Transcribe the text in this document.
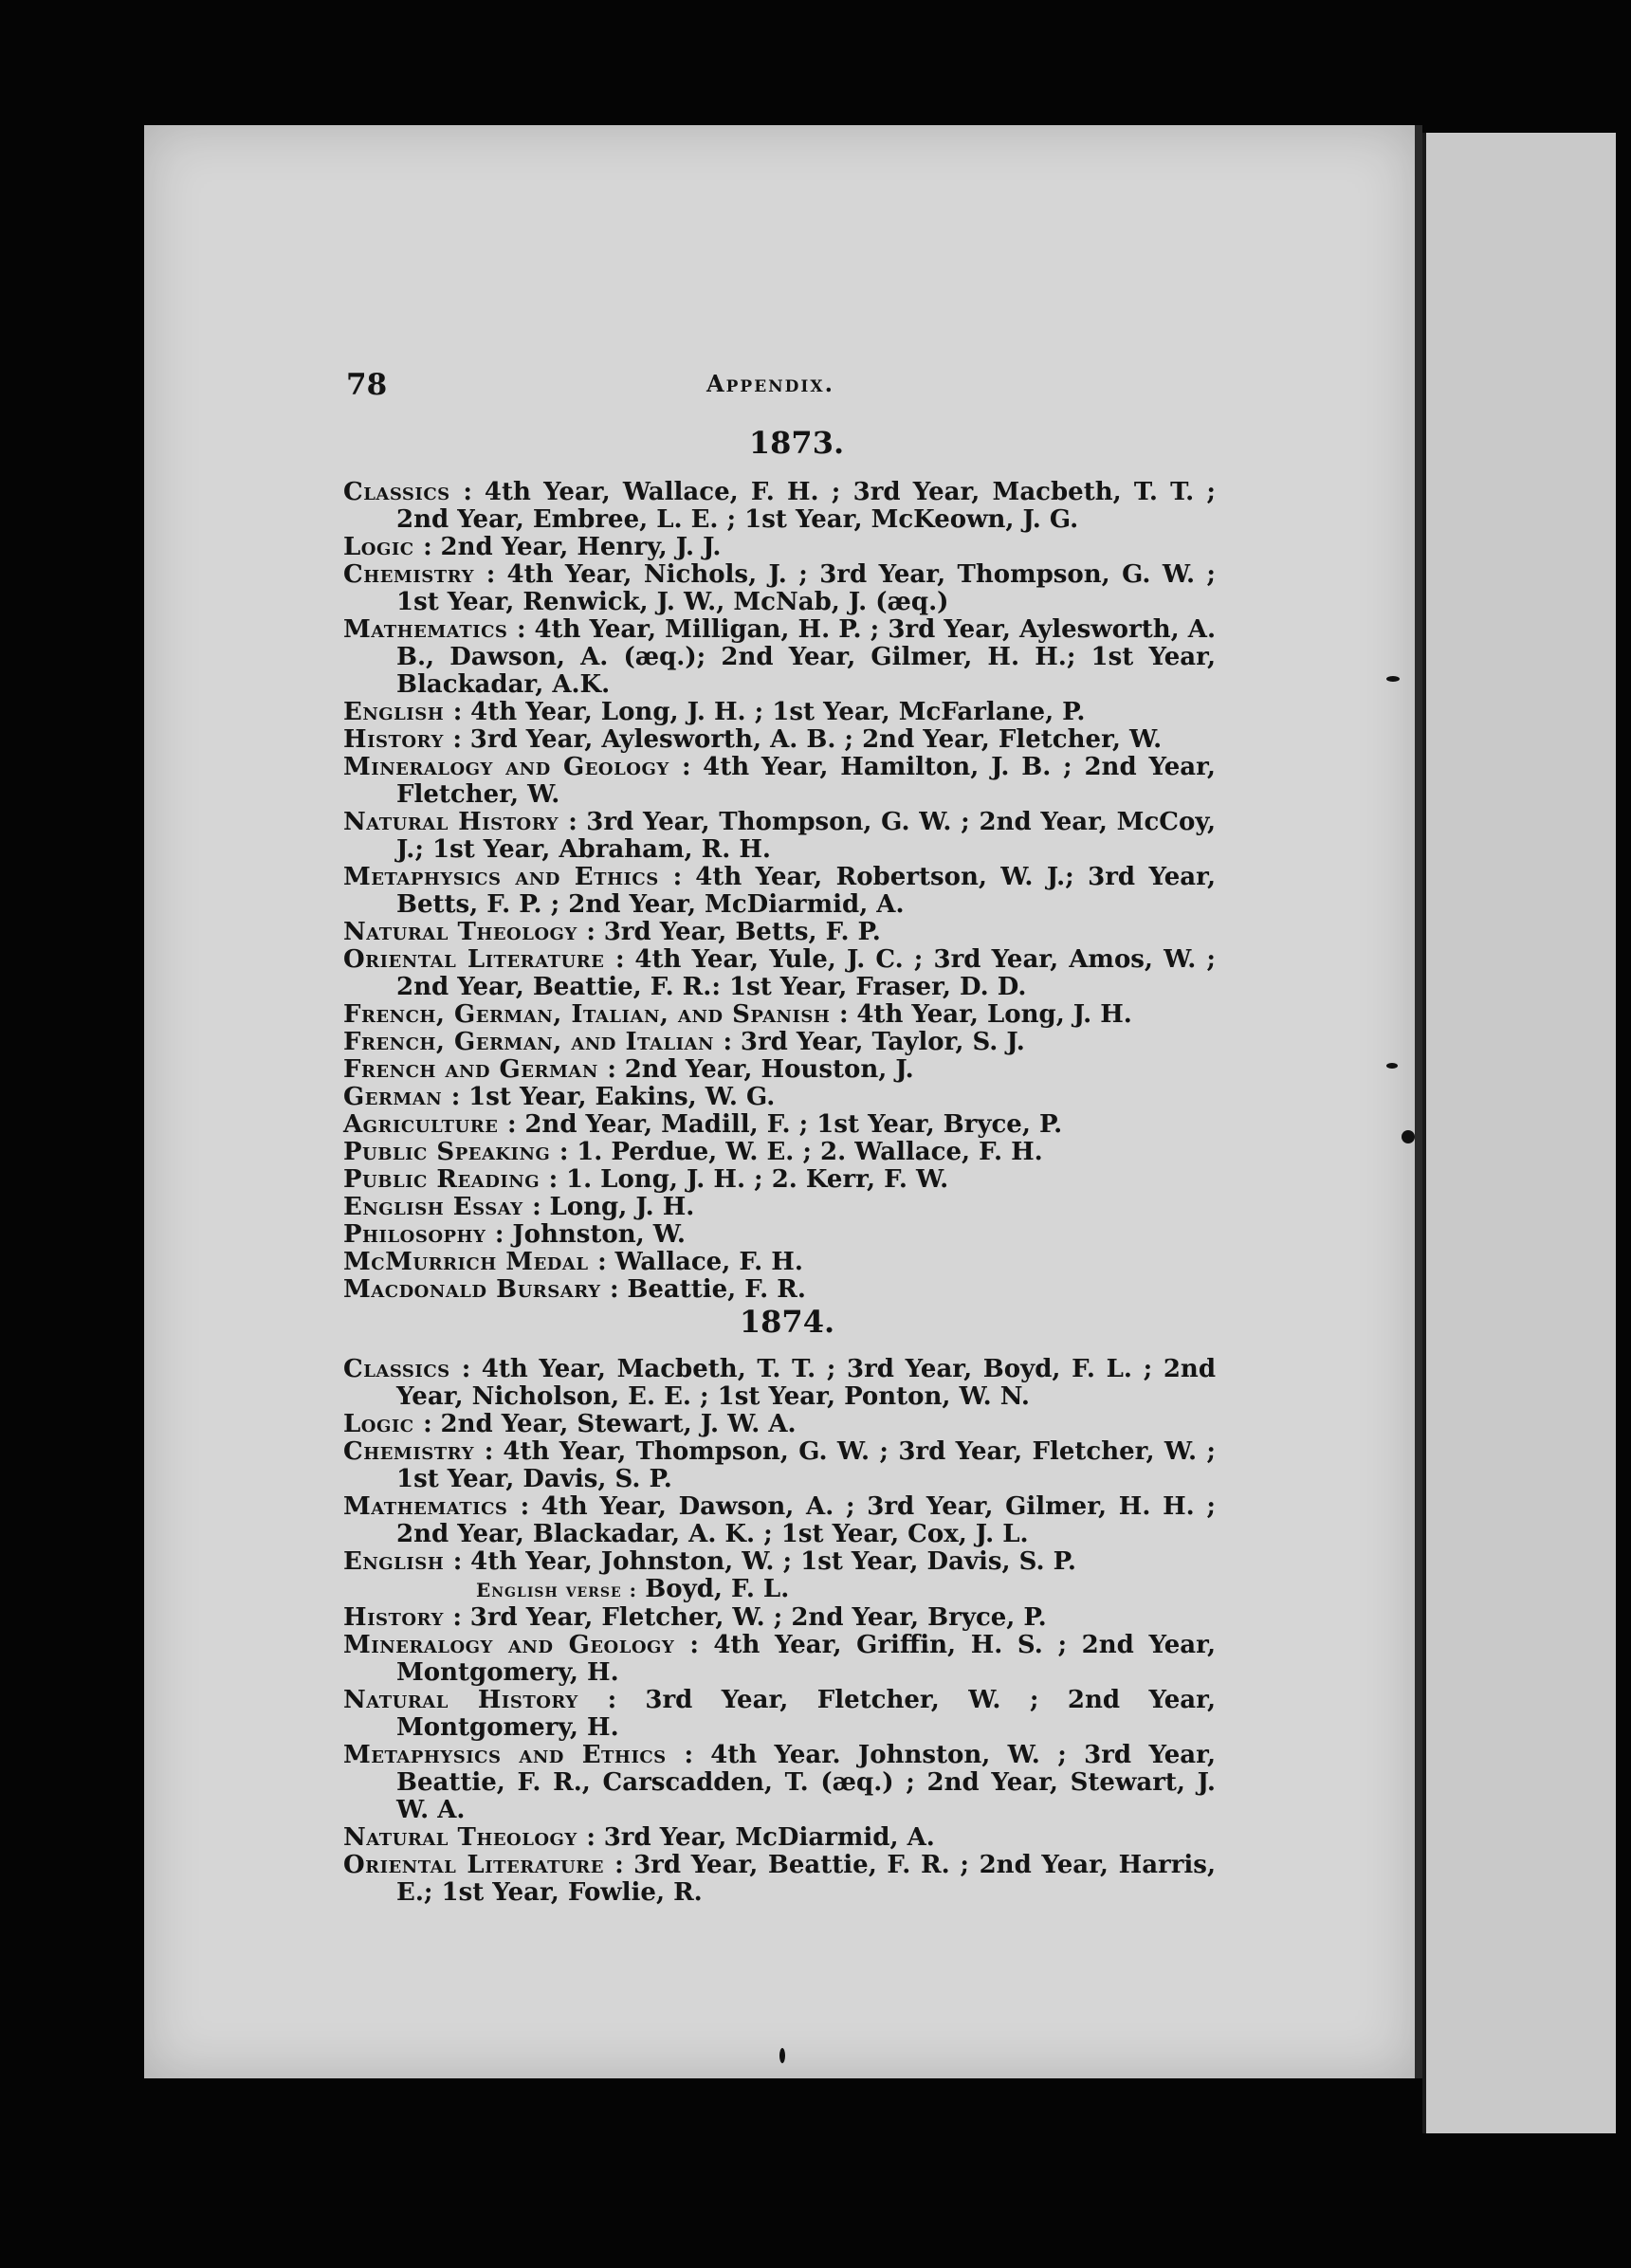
78	Appendix.
1873.

Classics : 4th Year, Wallace, F. H. ; 3rd Year, Macbeth, T. T. ; 2nd Year, Embree, L. E. ; 1st Year, McKeown, J. G.

Logic : 2nd Year, Henry, J. J.

Chemistry : 4th Year, Nichols, J. ; 3rd Year, Thompson, G. W. ; 1st Year, Renwick, J. W., McNab, J. (æq.)

Mathematics : 4th Year, Milligan, H. P. ; 3rd Year, Aylesworth, A. B., Dawson, A. (æq.); 2nd Year, Gilmer, H. H.; 1st Year, Blackadar, A.K.

English : 4th Year, Long, J. H. ; 1st Year, McFarlane, P.

History : 3rd Year, Aylesworth, A. B. ; 2nd Year, Fletcher, W.

Mineralogy and Geology : 4th Year, Hamilton, J. B. ; 2nd Year, Fletcher, W.

Natural History : 3rd Year, Thompson, G. W. ; 2nd Year, McCoy, J.; 1st Year, Abraham, R. H.

Metaphysics and Ethics : 4th Year, Robertson, W. J.; 3rd Year, Betts, F. P. ; 2nd Year, McDiarmid, A.

Natural Theology : 3rd Year, Betts, F. P.

Oriental Literature : 4th Year, Yule, J. C. ; 3rd Year, Amos, W. ; 2nd Year, Beattie, F. R.: 1st Year, Fraser, D. D.

French, German, Italian, and Spanish : 4th Year, Long, J. H.

French, German, and Italian : 3rd Year, Taylor, S. J.

French and German : 2nd Year, Houston, J.

German : 1st Year, Eakins, W. G.

Agriculture : 2nd Year, Madill, F. ; 1st Year, Bryce, P.

Public Speaking : 1. Perdue, W. E. ; 2. Wallace, F. H.

Public Reading : 1. Long, J. H. ; 2. Kerr, F. W.

English Essay : Long, J. H.

Philosophy : Johnston, W.

McMurrich Medal : Wallace, F. H.

Macdonald Bursary : Beattie, F. R.

1874.

Classics : 4th Year, Macbeth, T. T. ; 3rd Year, Boyd, F. L. ; 2nd Year, Nicholson, E. E. ; 1st Year, Ponton, W. N.

Logic : 2nd Year, Stewart, J. W. A.

Chemistry : 4th Year, Thompson, G. W. ; 3rd Year, Fletcher, W. ; 1st Year, Davis, S. P.

Mathematics : 4th Year, Dawson, A. ; 3rd Year, Gilmer, H. H. ; 2nd Year, Blackadar, A. K. ; 1st Year, Cox, J. L.

English : 4th Year, Johnston, W. ; 1st Year, Davis, S. P.

English verse : Boyd, F. L.

History : 3rd Year, Fletcher, W. ; 2nd Year, Bryce, P.

Mineralogy and Geology : 4th Year, Griffin, H. S. ; 2nd Year, Montgomery, H.

Natural History : 3rd Year, Fletcher, W. ; 2nd Year, Montgomery, H.

Metaphysics and Ethics : 4th Year. Johnston, W. ; 3rd Year, Beattie, F. R., Carscadden, T. (æq.) ; 2nd Year, Stewart, J. W. A.

Natural Theology : 3rd Year, McDiarmid, A.

Oriental Literature : 3rd Year, Beattie, F. R. ; 2nd Year, Harris, E.; 1st Year, Fowlie, R.
